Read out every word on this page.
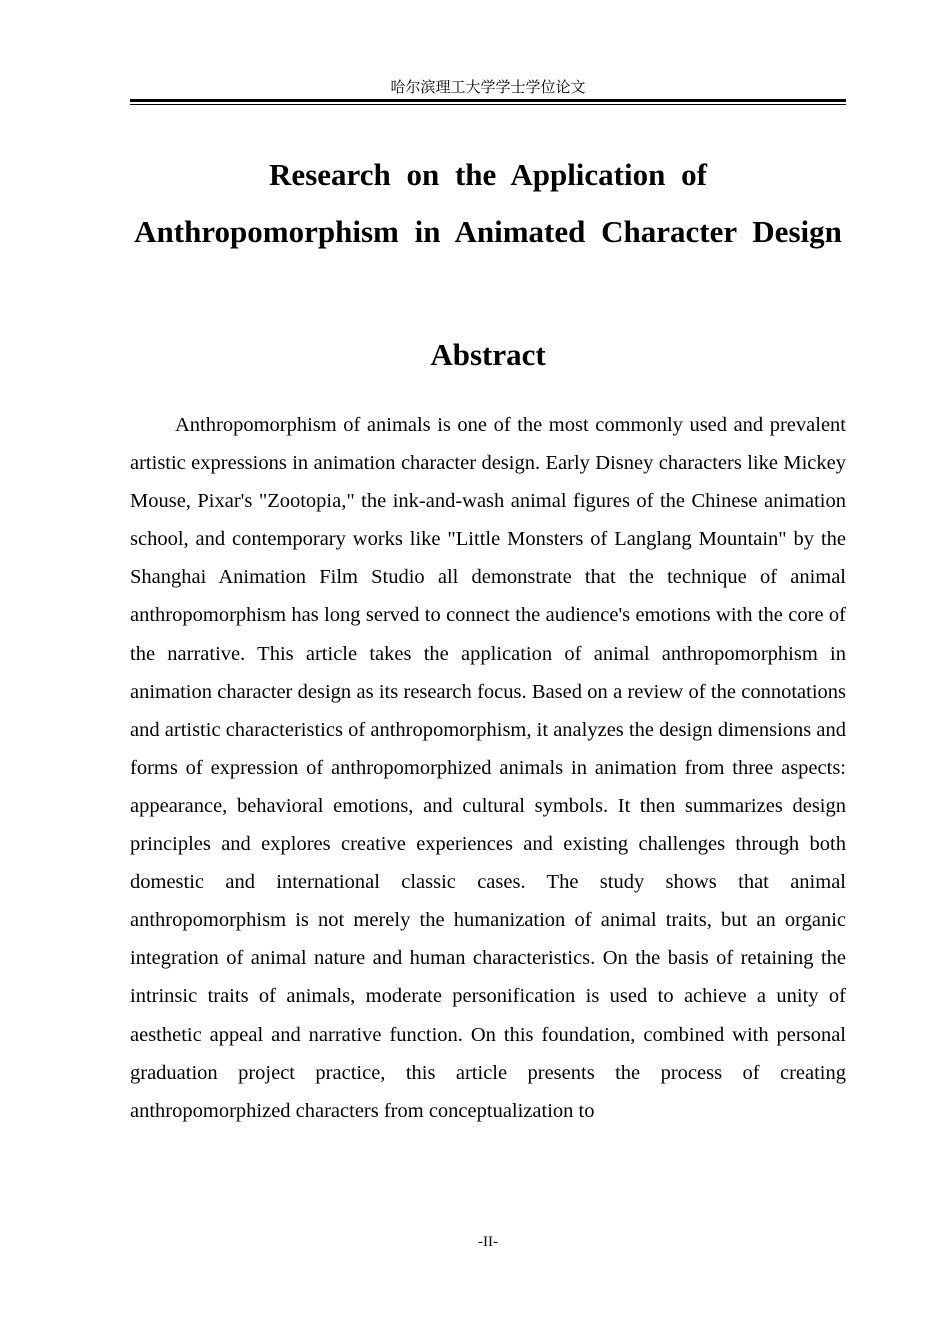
哈尔滨理工大学学士学位论文
Research on the Application of Anthropomorphism in Animated Character Design
Abstract

Anthropomorphism of animals is one of the most commonly used and prevalent artistic expressions in animation character design. Early Disney characters like Mickey Mouse, Pixar's "Zootopia," the ink-and-wash animal figures of the Chinese animation school, and contemporary works like "Little Monsters of Langlang Mountain" by the Shanghai Animation Film Studio all demonstrate that the technique of animal anthropomorphism has long served to connect the audience's emotions with the core of the narrative. This article takes the application of animal anthropomorphism in animation character design as its research focus. Based on a review of the connotations and artistic characteristics of anthropomorphism, it analyzes the design dimensions and forms of expression of anthropomorphized animals in animation from three aspects: appearance, behavioral emotions, and cultural symbols. It then summarizes design principles and explores creative experiences and existing challenges through both domestic and international classic cases. The study shows that animal anthropomorphism is not merely the humanization of animal traits, but an organic integration of animal nature and human characteristics. On the basis of retaining the intrinsic traits of animals, moderate personification is used to achieve a unity of aesthetic appeal and narrative function. On this foundation, combined with personal graduation project practice, this article presents the process of creating anthropomorphized characters from conceptualization to

-II-
